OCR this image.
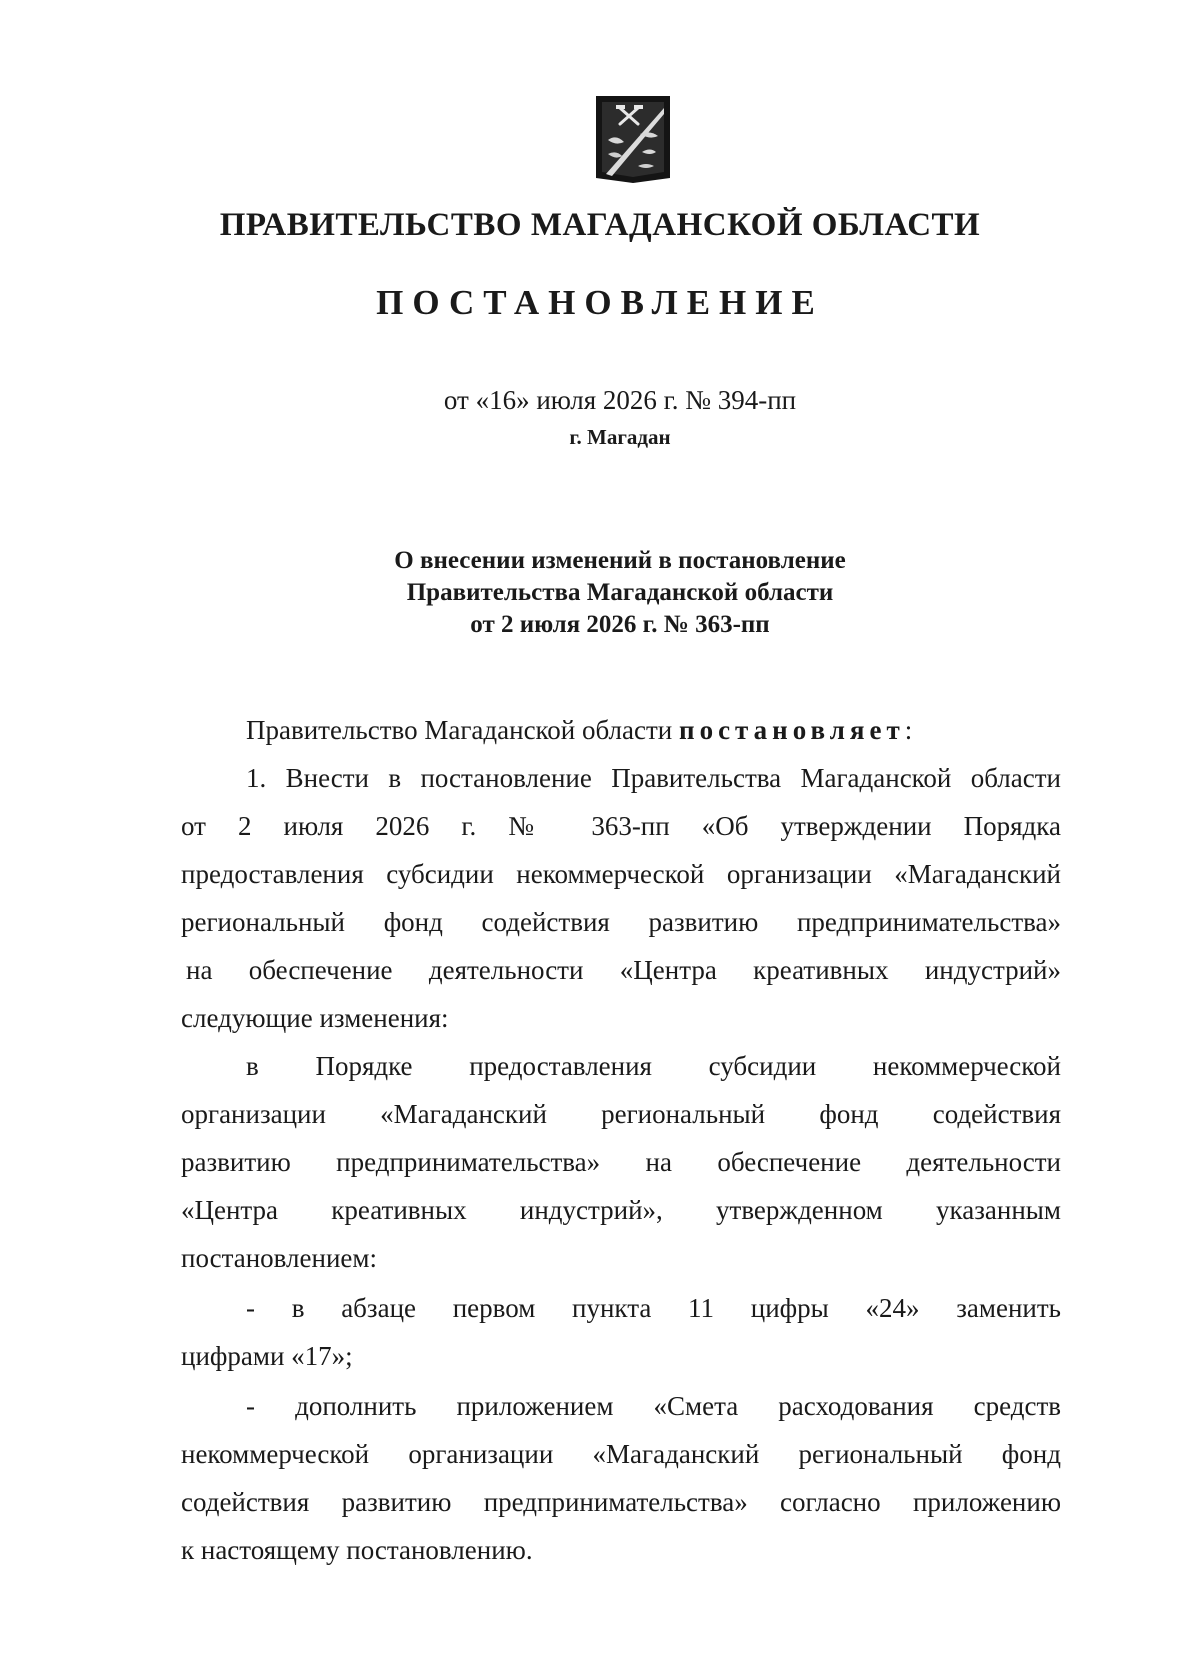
ПРАВИТЕЛЬСТВО МАГАДАНСКОЙ ОБЛАСТИ
ПОСТАНОВЛЕНИЕ
от «16» июля 2026 г. № 394-пп
г. Магадан
О внесении изменений в постановление
Правительства Магаданской области
от 2 июля 2026 г. № 363-пп
Правительство Магаданской области постановляет:
1. Внести в постановление Правительства Магаданской области
от 2 июля 2026 г. № 363-пп «Об утверждении Порядка
предоставления субсидии некоммерческой организации «Магаданский
региональный фонд содействия развитию предпринимательства»
на обеспечение деятельности «Центра креативных индустрий»
следующие изменения:
в Порядке предоставления субсидии некоммерческой
организации «Магаданский региональный фонд содействия
развитию предпринимательства» на обеспечение деятельности
«Центра креативных индустрий», утвержденном указанным
постановлением:
- в абзаце первом пункта 11 цифры «24» заменить
цифрами «17»;
- дополнить приложением «Смета расходования средств
некоммерческой организации «Магаданский региональный фонд
содействия развитию предпринимательства» согласно приложению
к настоящему постановлению.
